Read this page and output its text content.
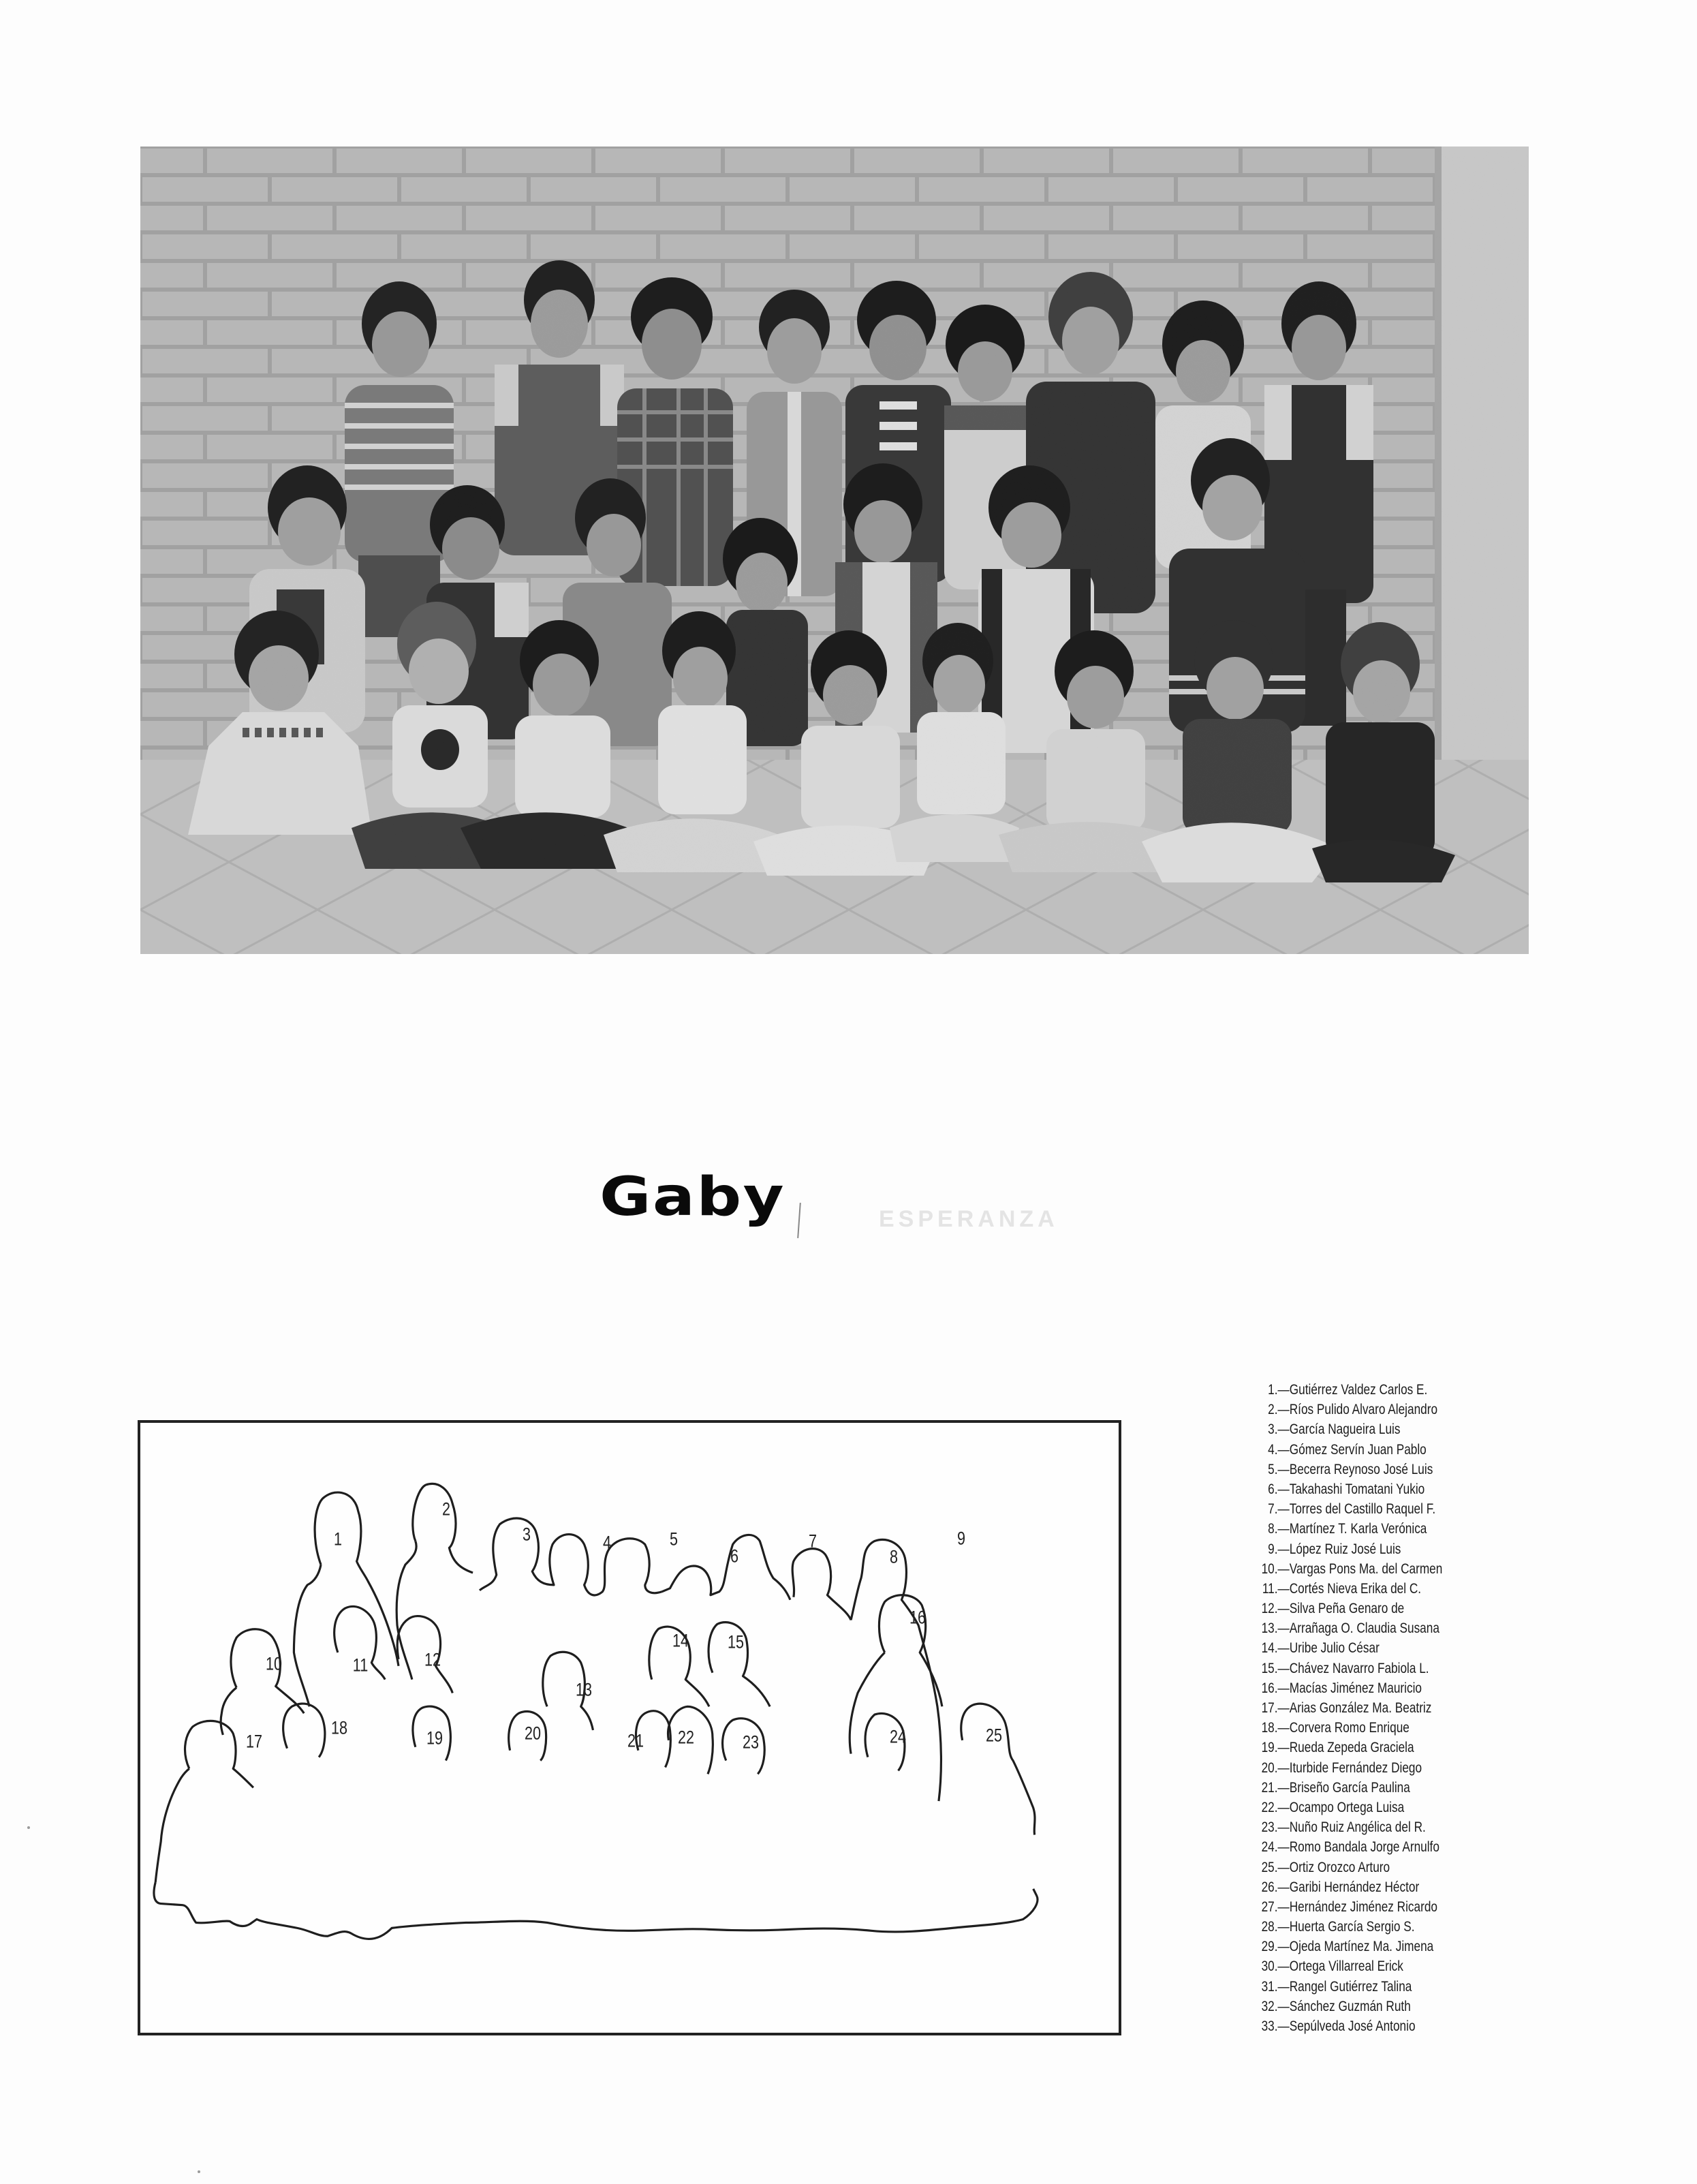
Gaby	ESPERANZA
1
2
3	4	5
6
7
8
9
10	11	12
13
14 15
16
17
18	19	20	21 22	23	24	25
1.—Gutiérrez Valdez Carlos E.
2.—Ríos Pulido Alvaro Alejandro
3.—García Nagueira Luis
4.—Gómez Servín Juan Pablo
5.—Becerra Reynoso José Luis
6.—Takahashi Tomatani Yukio
7.—Torres del Castillo Raquel F.
8.—Martínez T. Karla Verónica
9.—López Ruiz José Luis
10.—Vargas Pons Ma. del Carmen
11.—Cortés Nieva Erika del C.
12.—Silva Peña Genaro de
13.—Arrañaga O. Claudia Susana
14.—Uribe Julio César
15.—Chávez Navarro Fabiola L.
16.—Macías Jiménez Mauricio
17.—Arias González Ma. Beatriz
18.—Corvera Romo Enrique
19.—Rueda Zepeda Graciela
20.—Iturbide Fernández Diego
21.—Briseño García Paulina
22.—Ocampo Ortega Luisa
23.—Nuño Ruiz Angélica del R.
24.—Romo Bandala Jorge Arnulfo
25.—Ortiz Orozco Arturo
26.—Garibi Hernández Héctor
27.—Hernández Jiménez Ricardo
28.—Huerta García Sergio S.
29.—Ojeda Martínez Ma. Jimena
30.—Ortega Villarreal Erick
31.—Rangel Gutiérrez Talina
32.—Sánchez Guzmán Ruth
33.—Sepúlveda José Antonio
